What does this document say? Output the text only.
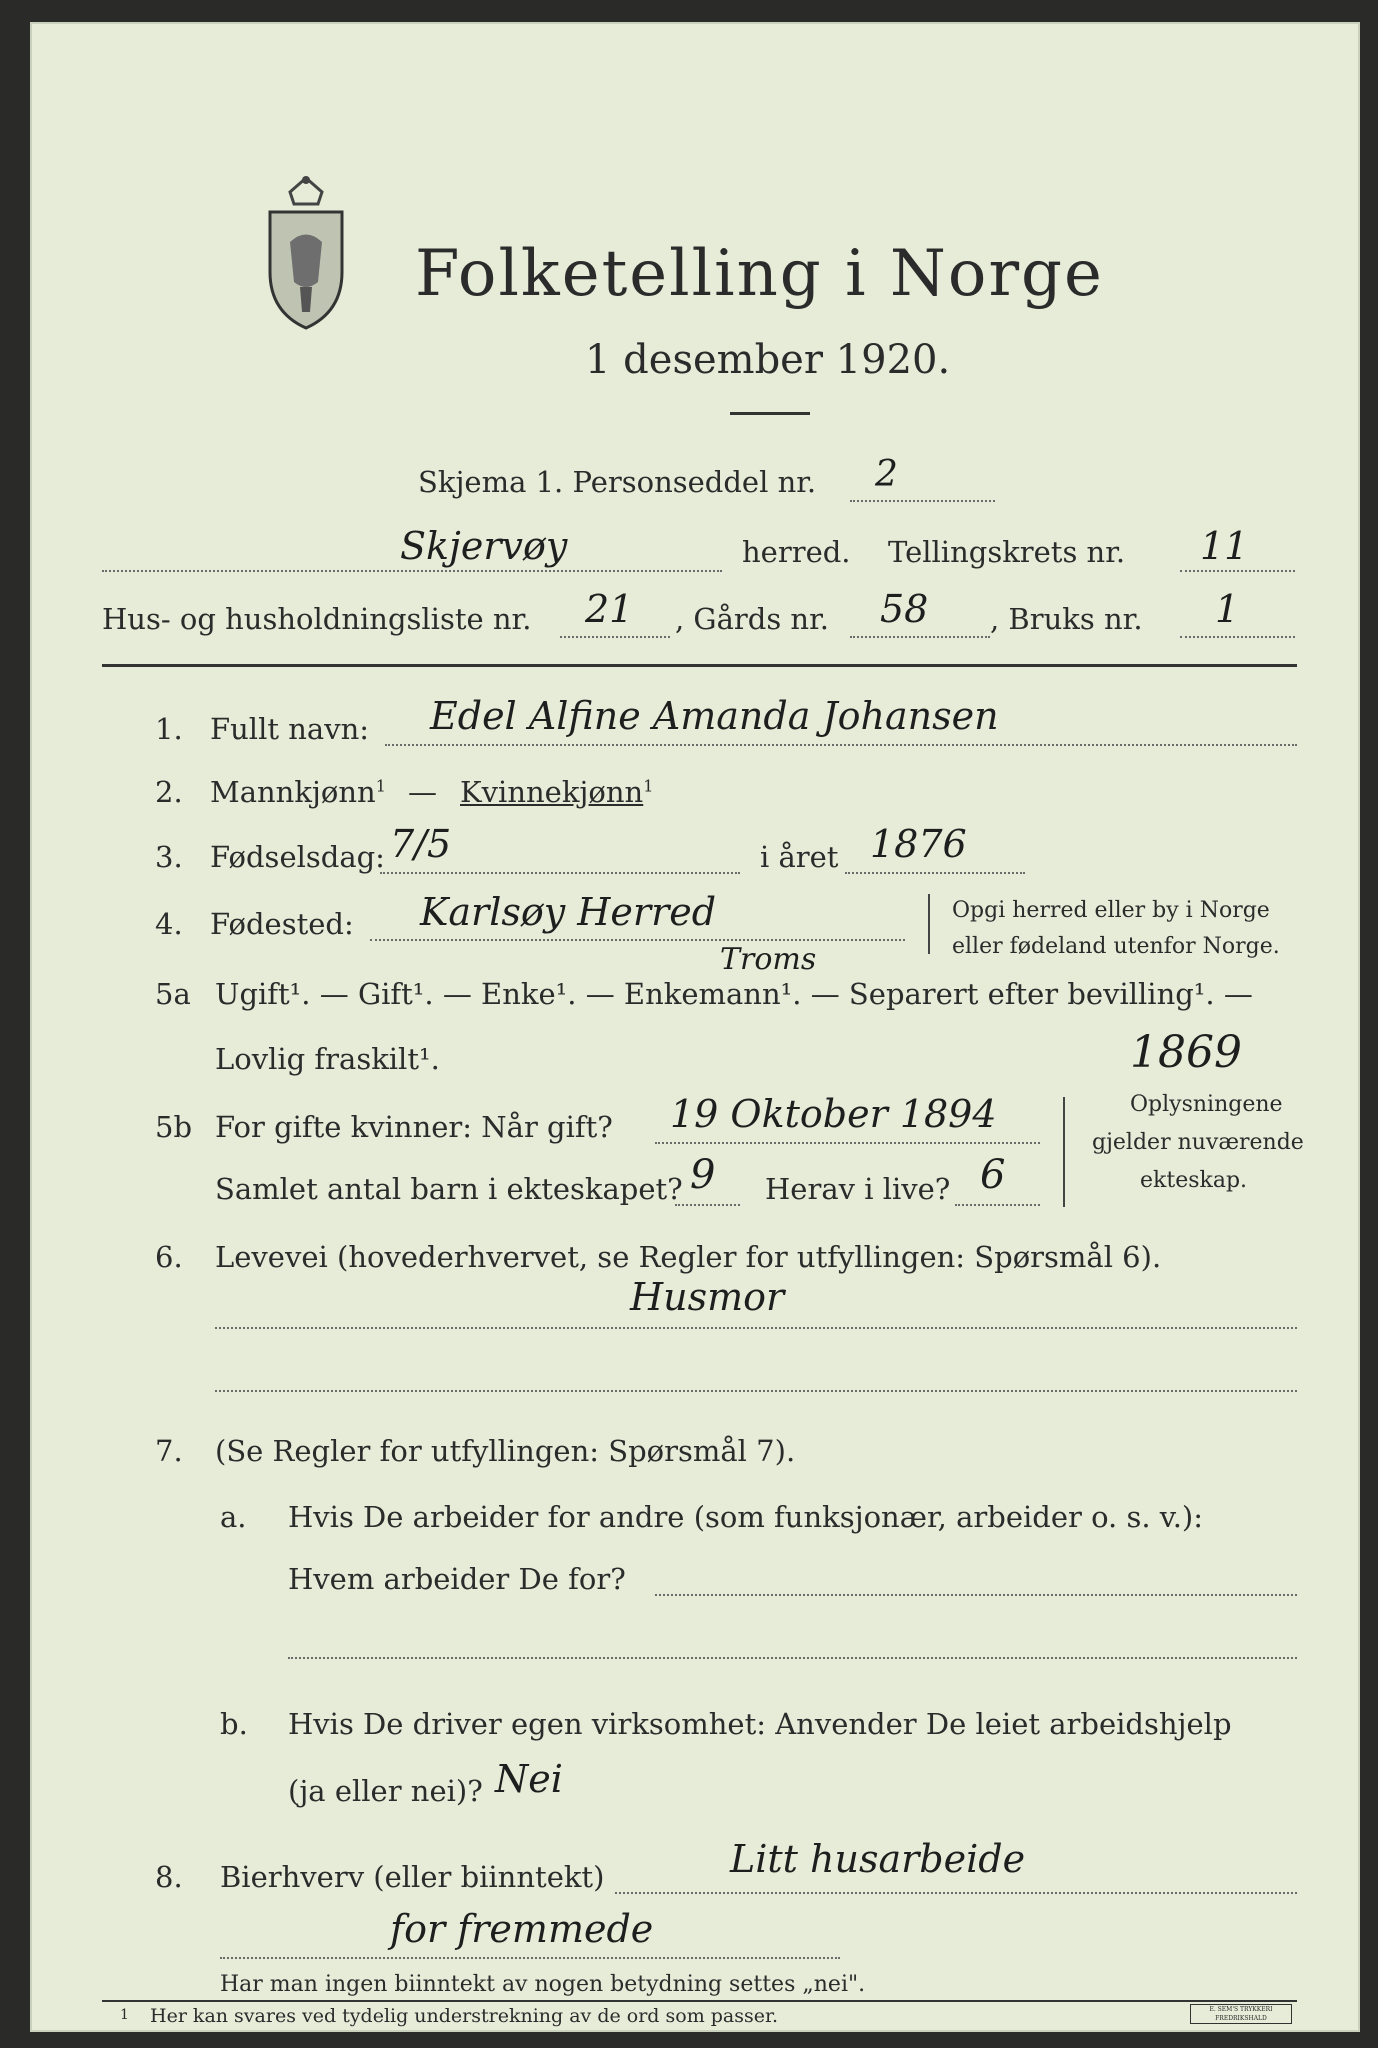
Folketelling i Norge
1 desember 1920.
Skjema 1. Personseddel nr. 2
Skjervøy	herred. Tellingskrets nr. 11
Hus- og husholdningsliste nr. 21 , Gårds nr. 58 , Bruks nr. 1
1. Fullt navn: Edel Alfine Amanda Johansen
2. Mannkjønn$^1$ — Kvinnekjønn$^1$
3. Fødselsdag: 7/5	i året 1876
4. Fødested: Karlsøy Herred
Troms
Opgi herred eller by i Norge
eller fødeland utenfor Norge.
5a Ugift¹. — Gift¹. — Enke¹. — Enkemann¹. — Separert efter bevilling¹. —
Lovlig fraskilt¹.	1869
5b For gifte kvinner: Når gift? 19 Oktober 1894
Samlet antal barn i ekteskapet? 9 Herav i live? 6
Oplysningene
gjelder nuværende
ekteskap.
6. Levevei (hovederhvervet, se Regler for utfyllingen: Spørsmål 6).
Husmor
7. (Se Regler for utfyllingen: Spørsmål 7).
a. Hvis De arbeider for andre (som funksjonær, arbeider o. s. v.):
Hvem arbeider De for?
b. Hvis De driver egen virksomhet: Anvender De leiet arbeidshjelp
(ja eller nei)? Nei
8. Bierhverv (eller biinntekt)	Litt husarbeide
for fremmede
Har man ingen biinntekt av nogen betydning settes „nei".
1 Her kan svares ved tydelig understrekning av de ord som passer.	E. SEM'S TRYKKERI FREDRIKSHALD
